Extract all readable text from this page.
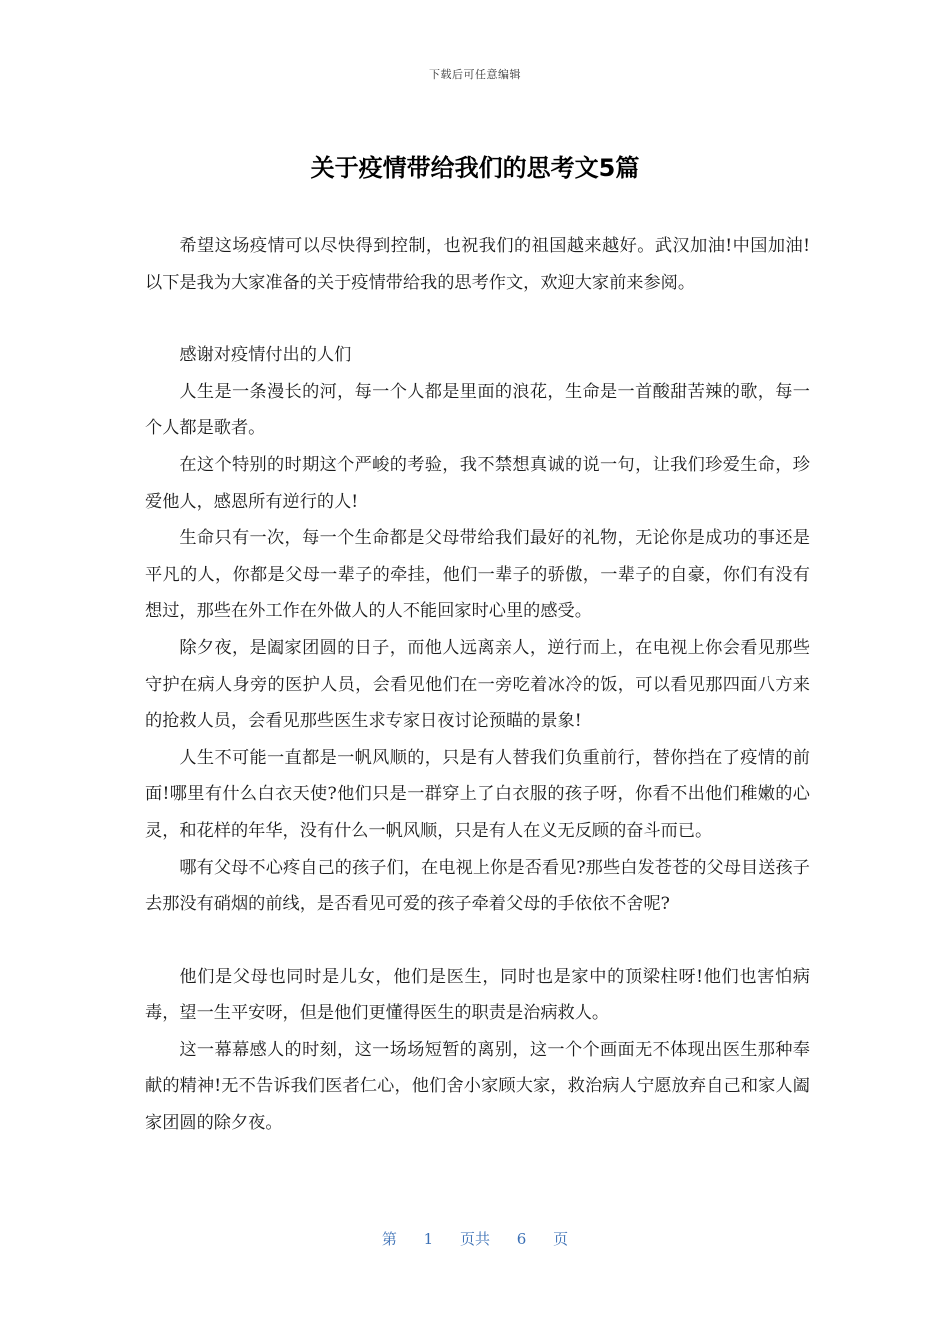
下载后可任意编辑
关于疫情带给我们的思考文5篇

希望这场疫情可以尽快得到控制，也祝我们的祖国越来越好。武汉加油!中国加油!以下是我为大家准备的关于疫情带给我的思考作文，欢迎大家前来参阅。

感谢对疫情付出的人们

人生是一条漫长的河，每一个人都是里面的浪花，生命是一首酸甜苦辣的歌，每一个人都是歌者。

在这个特别的时期这个严峻的考验，我不禁想真诚的说一句，让我们珍爱生命，珍爱他人，感恩所有逆行的人!

生命只有一次，每一个生命都是父母带给我们最好的礼物，无论你是成功的事还是平凡的人，你都是父母一辈子的牵挂，他们一辈子的骄傲，一辈子的自豪，你们有没有想过，那些在外工作在外做人的人不能回家时心里的感受。

除夕夜，是阖家团圆的日子，而他人远离亲人，逆行而上，在电视上你会看见那些守护在病人身旁的医护人员，会看见他们在一旁吃着冰冷的饭，可以看见那四面八方来的抢救人员，会看见那些医生求专家日夜讨论预瞄的景象!

人生不可能一直都是一帆风顺的，只是有人替我们负重前行，替你挡在了疫情的前面!哪里有什么白衣天使?他们只是一群穿上了白衣服的孩子呀，你看不出他们稚嫩的心灵，和花样的年华，没有什么一帆风顺，只是有人在义无反顾的奋斗而已。

哪有父母不心疼自己的孩子们，在电视上你是否看见?那些白发苍苍的父母目送孩子去那没有硝烟的前线，是否看见可爱的孩子牵着父母的手依依不舍呢?

他们是父母也同时是儿女，他们是医生，同时也是家中的顶梁柱呀!他们也害怕病毒，望一生平安呀，但是他们更懂得医生的职责是治病救人。

这一幕幕感人的时刻，这一场场短暂的离别，这一个个画面无不体现出医生那种奉献的精神!无不告诉我们医者仁心，他们舍小家顾大家，救治病人宁愿放弃自己和家人阖家团圆的除夕夜。

第 1 页共 6 页
